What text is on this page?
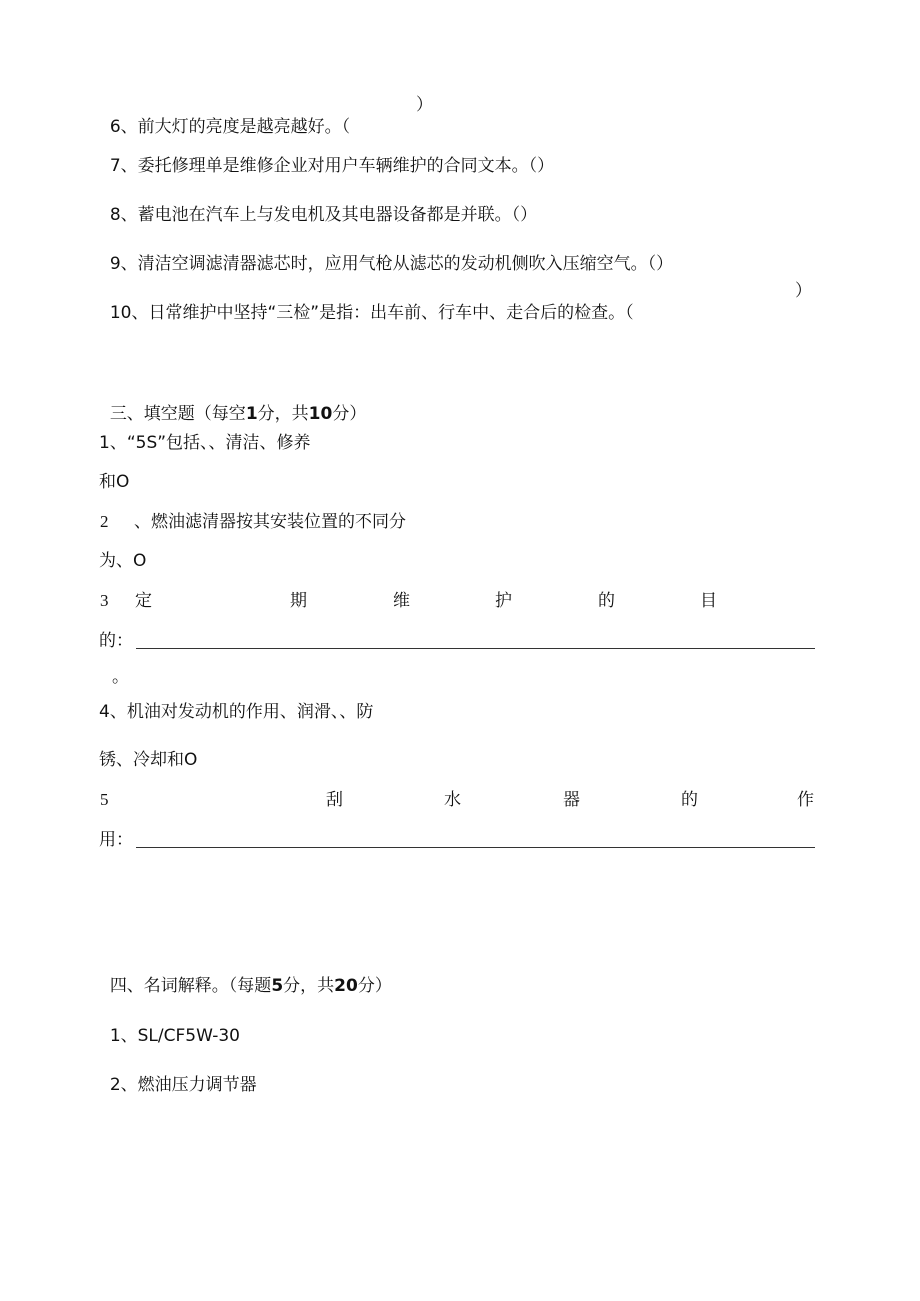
6、前大灯的亮度是越亮越好。（

）

7、委托修理单是维修企业对用户车辆维护的合同文本。（）

8、蓄电池在汽车上与发电机及其电器设备都是并联。（）

9、清洁空调滤清器滤芯时，应用气枪从滤芯的发动机侧吹入压缩空气。（）

10、日常维护中坚持“三检”是指：出车前、行车中、走合后的检查。（

）

三、填空题（每空1分，共10分）

1、“5S”包括、、清洁、修养
和O
2 、燃油滤清器按其安装位置的不同分
为、O
3 定	期	维	护	的	目
的：
。
4、机油对发动机的作用、润滑、、防
锈、冷却和O
5	刮	水	器	的	作
用：

四、名词解释。（每题5分，共20分）

1、SL/CF5W-30

2、燃油压力调节器
